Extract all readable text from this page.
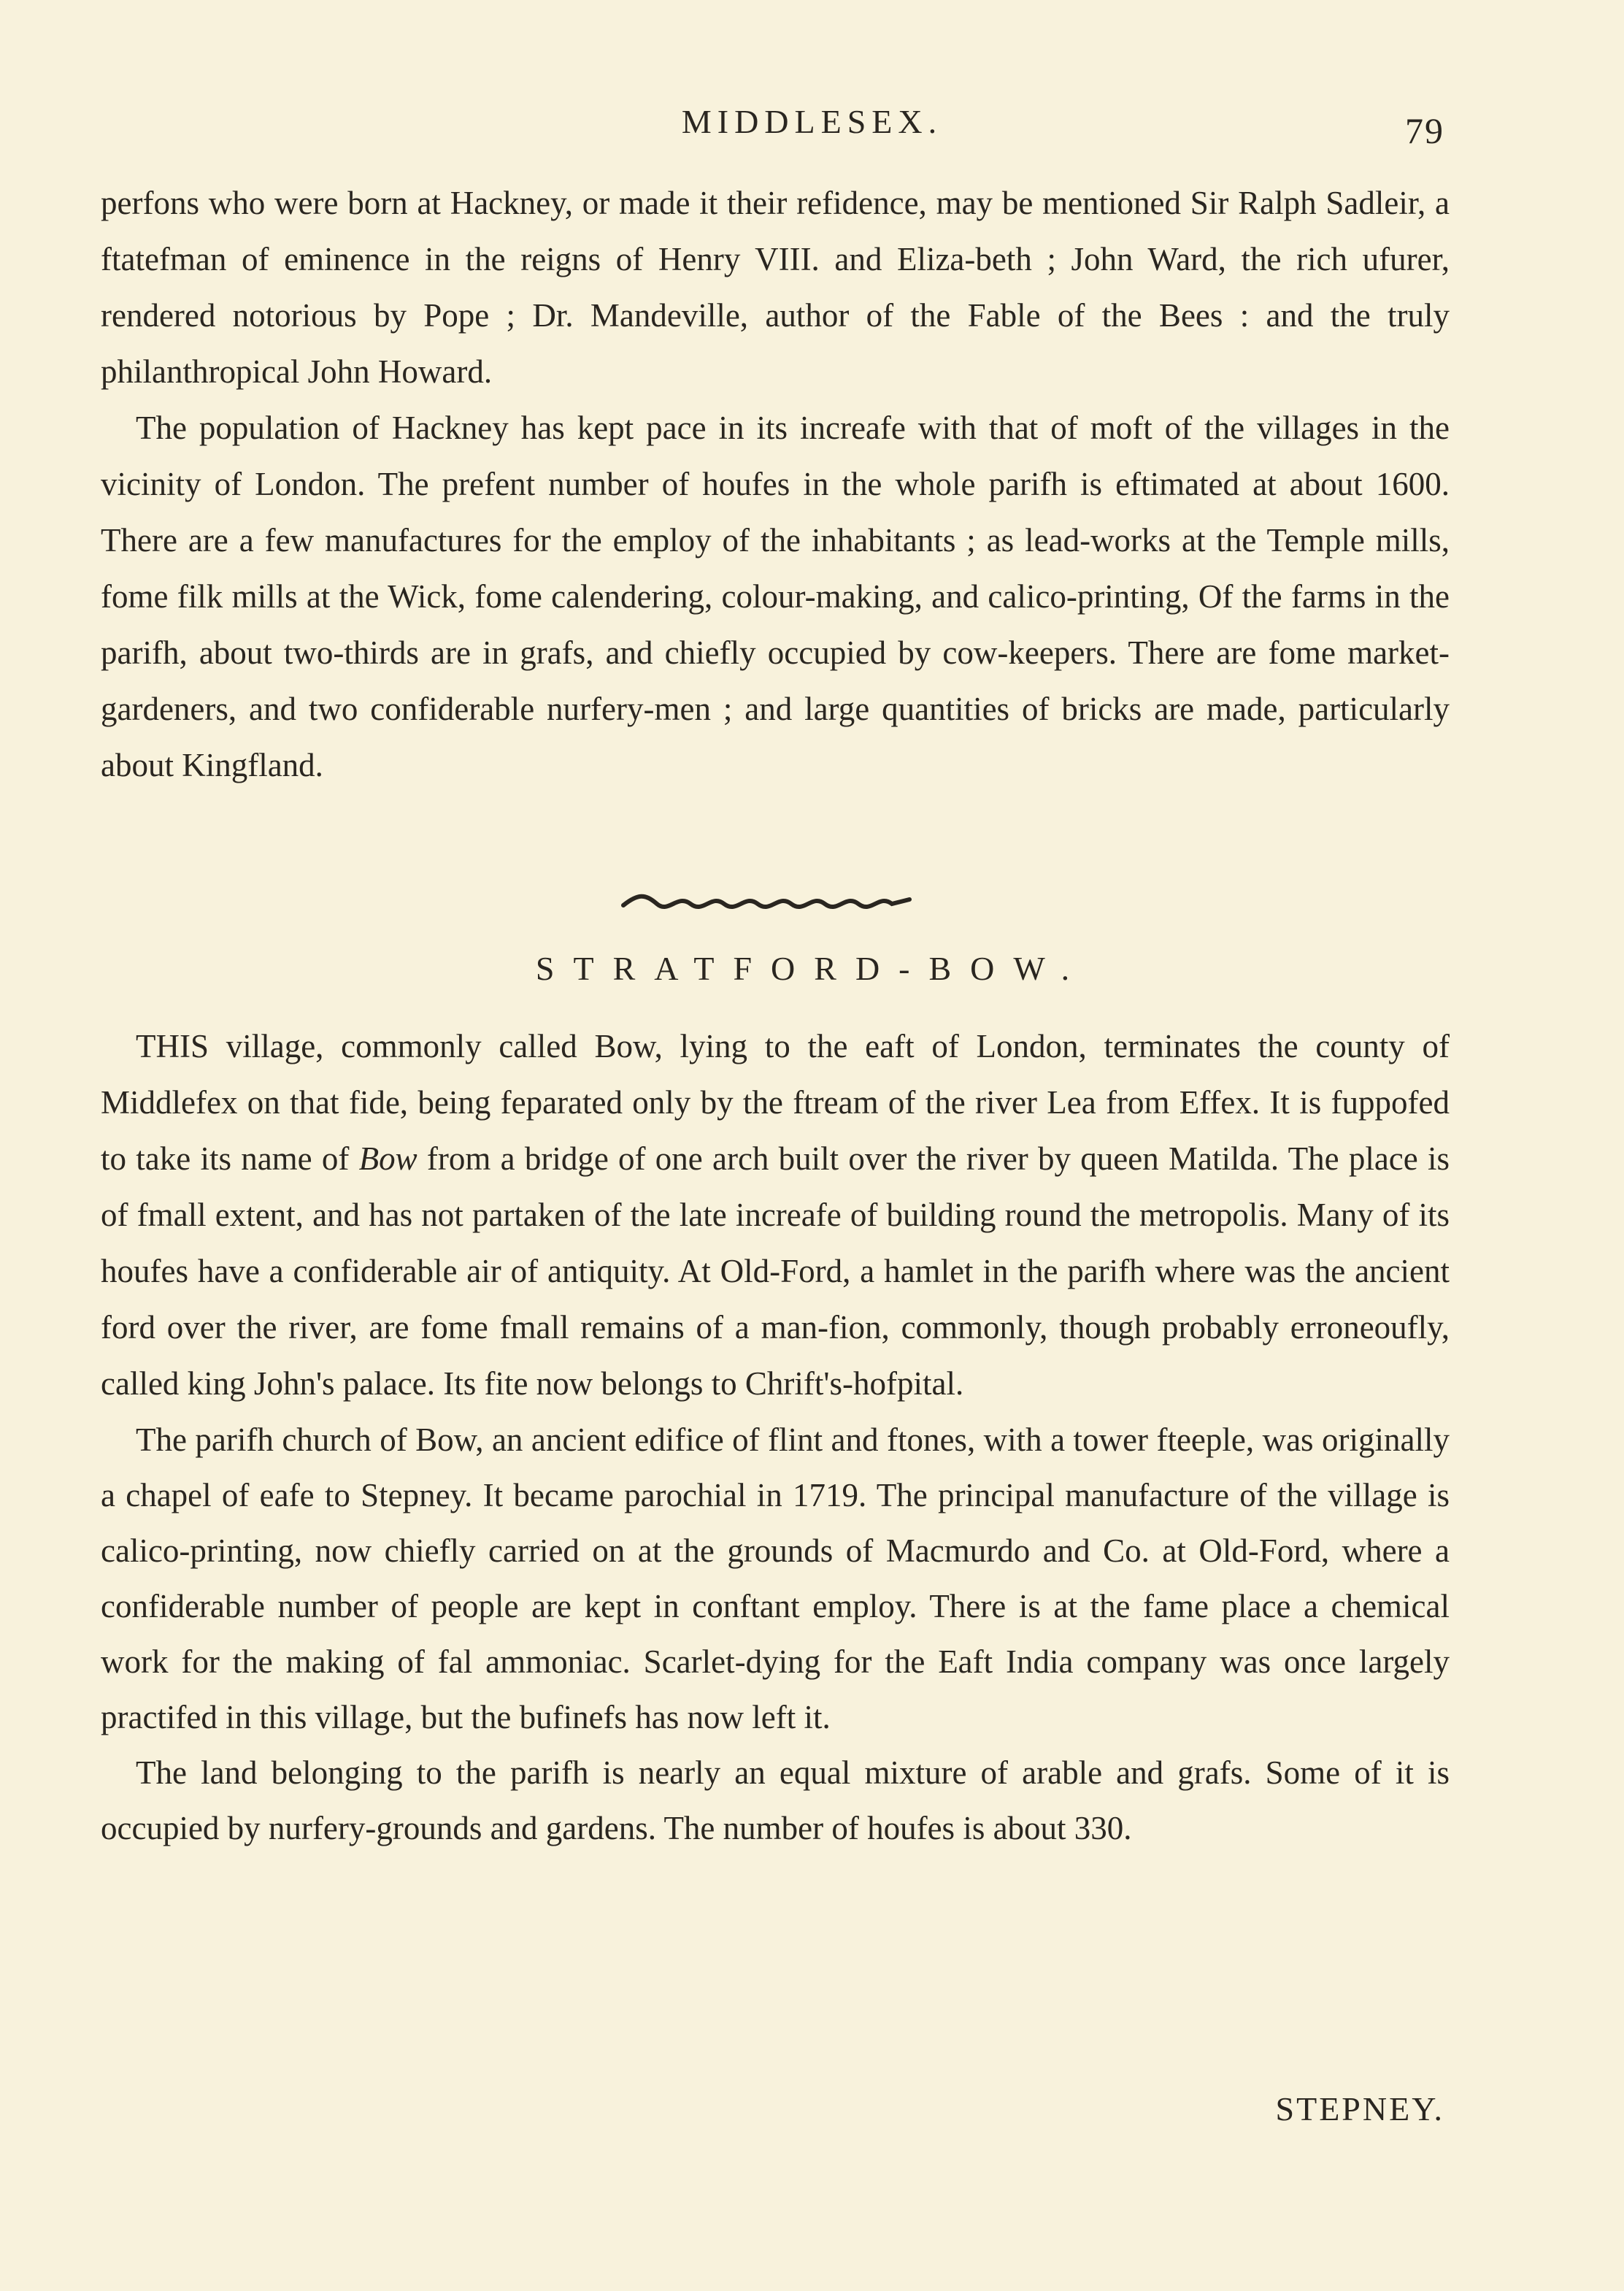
MIDDLESEX.	79

perfons who were born at Hackney, or made it their refidence, may be mentioned Sir Ralph Sadleir, a ftatefman of eminence in the reigns of Henry VIII. and Eliza-beth ; John Ward, the rich ufurer, rendered notorious by Pope ; Dr. Mandeville, author of the Fable of the Bees : and the truly philanthropical John Howard.

The population of Hackney has kept pace in its increafe with that of moft of the villages in the vicinity of London. The prefent number of houfes in the whole parifh is eftimated at about 1600. There are a few manufactures for the employ of the inhabitants ; as lead-works at the Temple mills, fome filk mills at the Wick, fome calendering, colour-making, and calico-printing, Of the farms in the parifh, about two-thirds are in grafs, and chiefly occupied by cow-keepers. There are fome market-gardeners, and two confiderable nurfery-men ; and large quantities of bricks are made, particularly about Kingfland.

STRATFORD-BOW.

THIS village, commonly called Bow, lying to the eaft of London, terminates the county of Middlefex on that fide, being feparated only by the ftream of the river Lea from Effex. It is fuppofed to take its name of Bow from a bridge of one arch built over the river by queen Matilda. The place is of fmall extent, and has not partaken of the late increafe of building round the metropolis. Many of its houfes have a confiderable air of antiquity. At Old-Ford, a hamlet in the parifh where was the ancient ford over the river, are fome fmall remains of a man-fion, commonly, though probably erroneoufly, called king John's palace. Its fite now belongs to Chrift's-hofpital.

The parifh church of Bow, an ancient edifice of flint and ftones, with a tower fteeple, was originally a chapel of eafe to Stepney. It became parochial in 1719. The principal manufacture of the village is calico-printing, now chiefly carried on at the grounds of Macmurdo and Co. at Old-Ford, where a confiderable number of people are kept in conftant employ. There is at the fame place a chemical work for the making of fal ammoniac. Scarlet-dying for the Eaft India company was once largely practifed in this village, but the bufinefs has now left it.

The land belonging to the parifh is nearly an equal mixture of arable and grafs. Some of it is occupied by nurfery-grounds and gardens. The number of houfes is about 330.

STEPNEY.
